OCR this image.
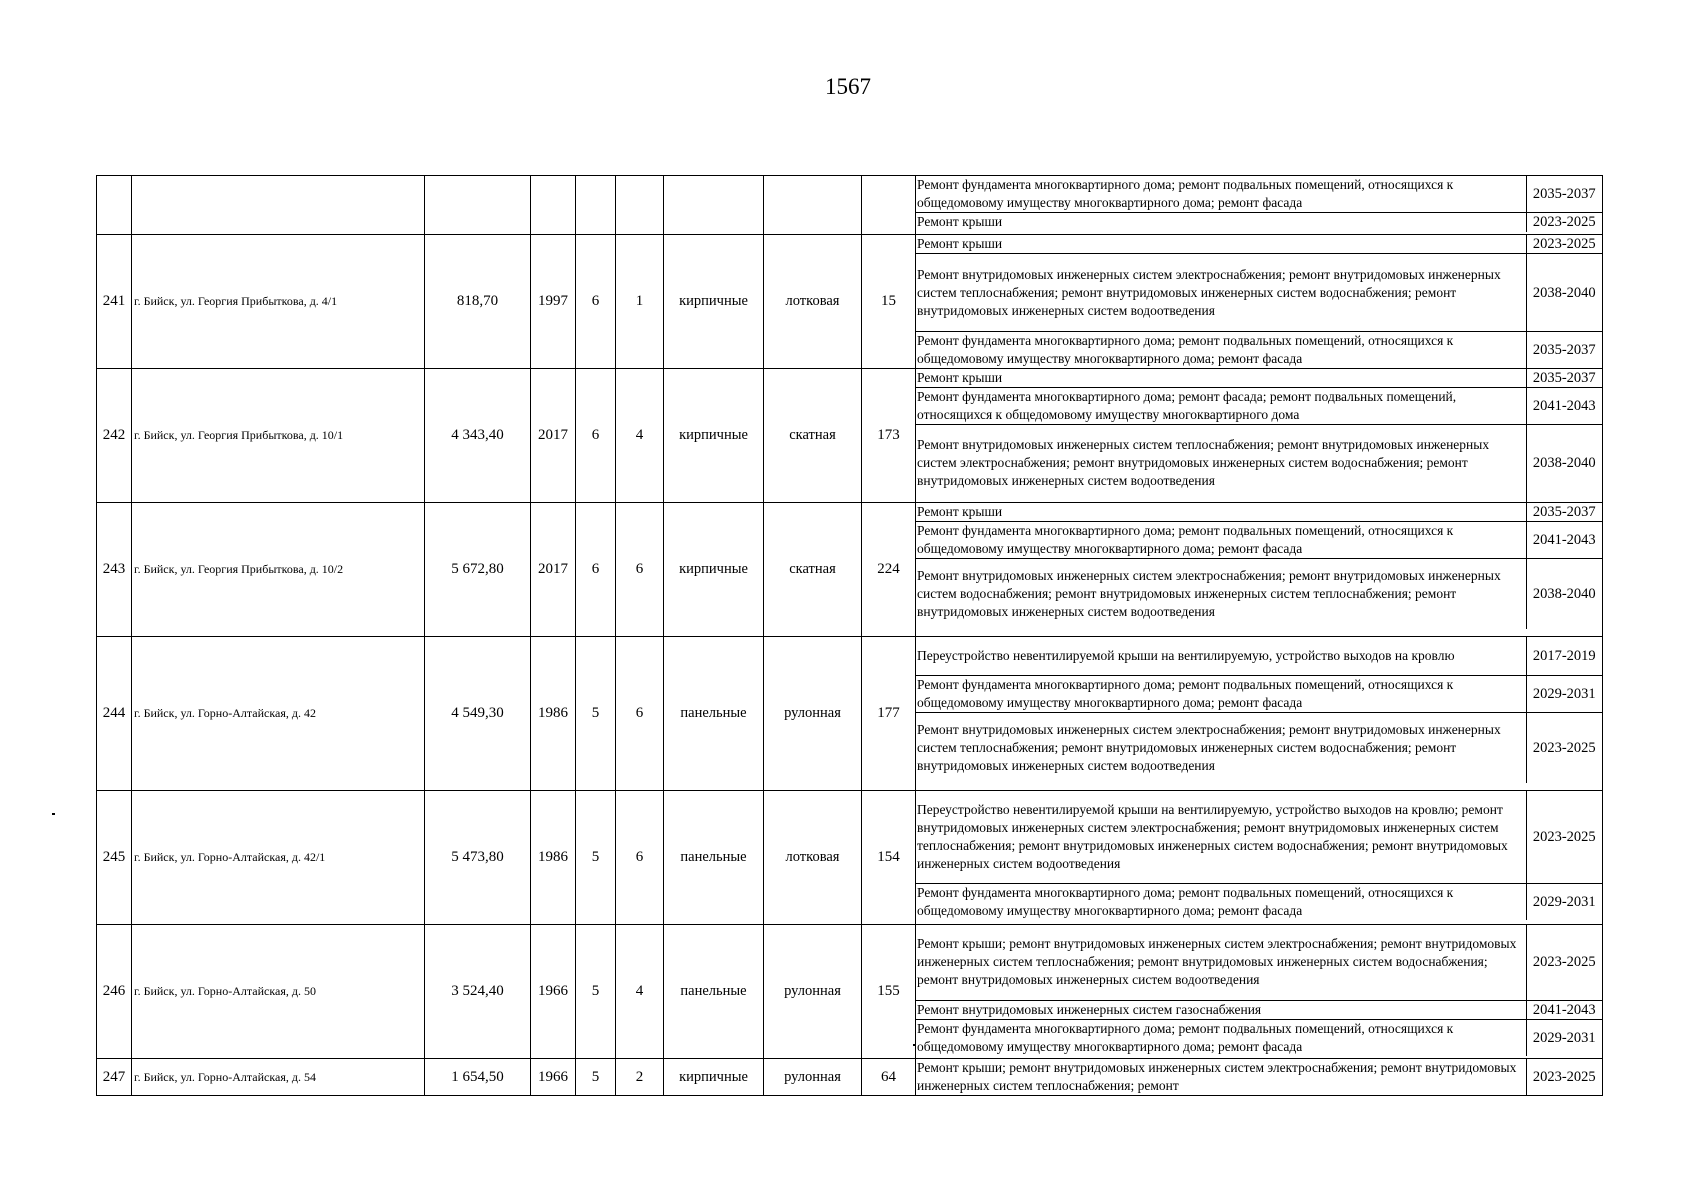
1567

Ремонт фундамента многоквартирного дома; ремонт подвальных помещений, относящихся к общедомовому имуществу многоквартирного дома; ремонт фасада	2035-2037
Ремонт крыши	2023-2025

241	г. Бийск, ул. Георгия Прибыткова, д. 4/1	818,70	1997	6	1	кирпичные	лотковая	15	
Ремонт крыши	2023-2025
Ремонт внутридомовых инженерных систем электроснабжения; ремонт внутридомовых инженерных систем теплоснабжения; ремонт внутридомовых инженерных систем водоснабжения; ремонт внутридомовых инженерных систем водоотведения	2038-2040
Ремонт фундамента многоквартирного дома; ремонт подвальных помещений, относящихся к общедомовому имуществу многоквартирного дома; ремонт фасада	2035-2037

242	г. Бийск, ул. Георгия Прибыткова, д. 10/1	4 343,40	2017	6	4	кирпичные	скатная	173	
Ремонт крыши	2035-2037
Ремонт фундамента многоквартирного дома; ремонт фасада; ремонт подвальных помещений, относящихся к общедомовому имуществу многоквартирного дома	2041-2043
Ремонт внутридомовых инженерных систем теплоснабжения; ремонт внутридомовых инженерных систем электроснабжения; ремонт внутридомовых инженерных систем водоснабжения; ремонт внутридомовых инженерных систем водоотведения	2038-2040

243	г. Бийск, ул. Георгия Прибыткова, д. 10/2	5 672,80	2017	6	6	кирпичные	скатная	224	
Ремонт крыши	2035-2037
Ремонт фундамента многоквартирного дома; ремонт подвальных помещений, относящихся к общедомовому имуществу многоквартирного дома; ремонт фасада	2041-2043
Ремонт внутридомовых инженерных систем электроснабжения; ремонт внутридомовых инженерных систем водоснабжения; ремонт внутридомовых инженерных систем теплоснабжения; ремонт внутридомовых инженерных систем водоотведения	2038-2040

244	г. Бийск, ул. Горно-Алтайская, д. 42	4 549,30	1986	5	6	панельные	рулонная	177	
Переустройство невентилируемой крыши на вентилируемую, устройство выходов на кровлю	2017-2019
Ремонт фундамента многоквартирного дома; ремонт подвальных помещений, относящихся к общедомовому имуществу многоквартирного дома; ремонт фасада	2029-2031
Ремонт внутридомовых инженерных систем электроснабжения; ремонт внутридомовых инженерных систем теплоснабжения; ремонт внутридомовых инженерных систем водоснабжения; ремонт внутридомовых инженерных систем водоотведения	2023-2025

245	г. Бийск, ул. Горно-Алтайская, д. 42/1	5 473,80	1986	5	6	панельные	лотковая	154	
Переустройство невентилируемой крыши на вентилируемую, устройство выходов на кровлю; ремонт внутридомовых инженерных систем электроснабжения; ремонт внутридомовых инженерных систем теплоснабжения; ремонт внутридомовых инженерных систем водоснабжения; ремонт внутридомовых инженерных систем водоотведения	2023-2025
Ремонт фундамента многоквартирного дома; ремонт подвальных помещений, относящихся к общедомовому имуществу многоквартирного дома; ремонт фасада	2029-2031

246	г. Бийск, ул. Горно-Алтайская, д. 50	3 524,40	1966	5	4	панельные	рулонная	155	
Ремонт крыши; ремонт внутридомовых инженерных систем электроснабжения; ремонт внутридомовых инженерных систем теплоснабжения; ремонт внутридомовых инженерных систем водоснабжения; ремонт внутридомовых инженерных систем водоотведения	2023-2025
Ремонт внутридомовых инженерных систем газоснабжения	2041-2043
Ремонт фундамента многоквартирного дома; ремонт подвальных помещений, относящихся к общедомовому имуществу многоквартирного дома; ремонт фасада	2029-2031

247	г. Бийск, ул. Горно-Алтайская, д. 54	1 654,50	1966	5	2	кирпичные	рулонная	64	
Ремонт крыши; ремонт внутридомовых инженерных систем электроснабжения; ремонт внутридомовых инженерных систем теплоснабжения; ремонт	2023-2025
